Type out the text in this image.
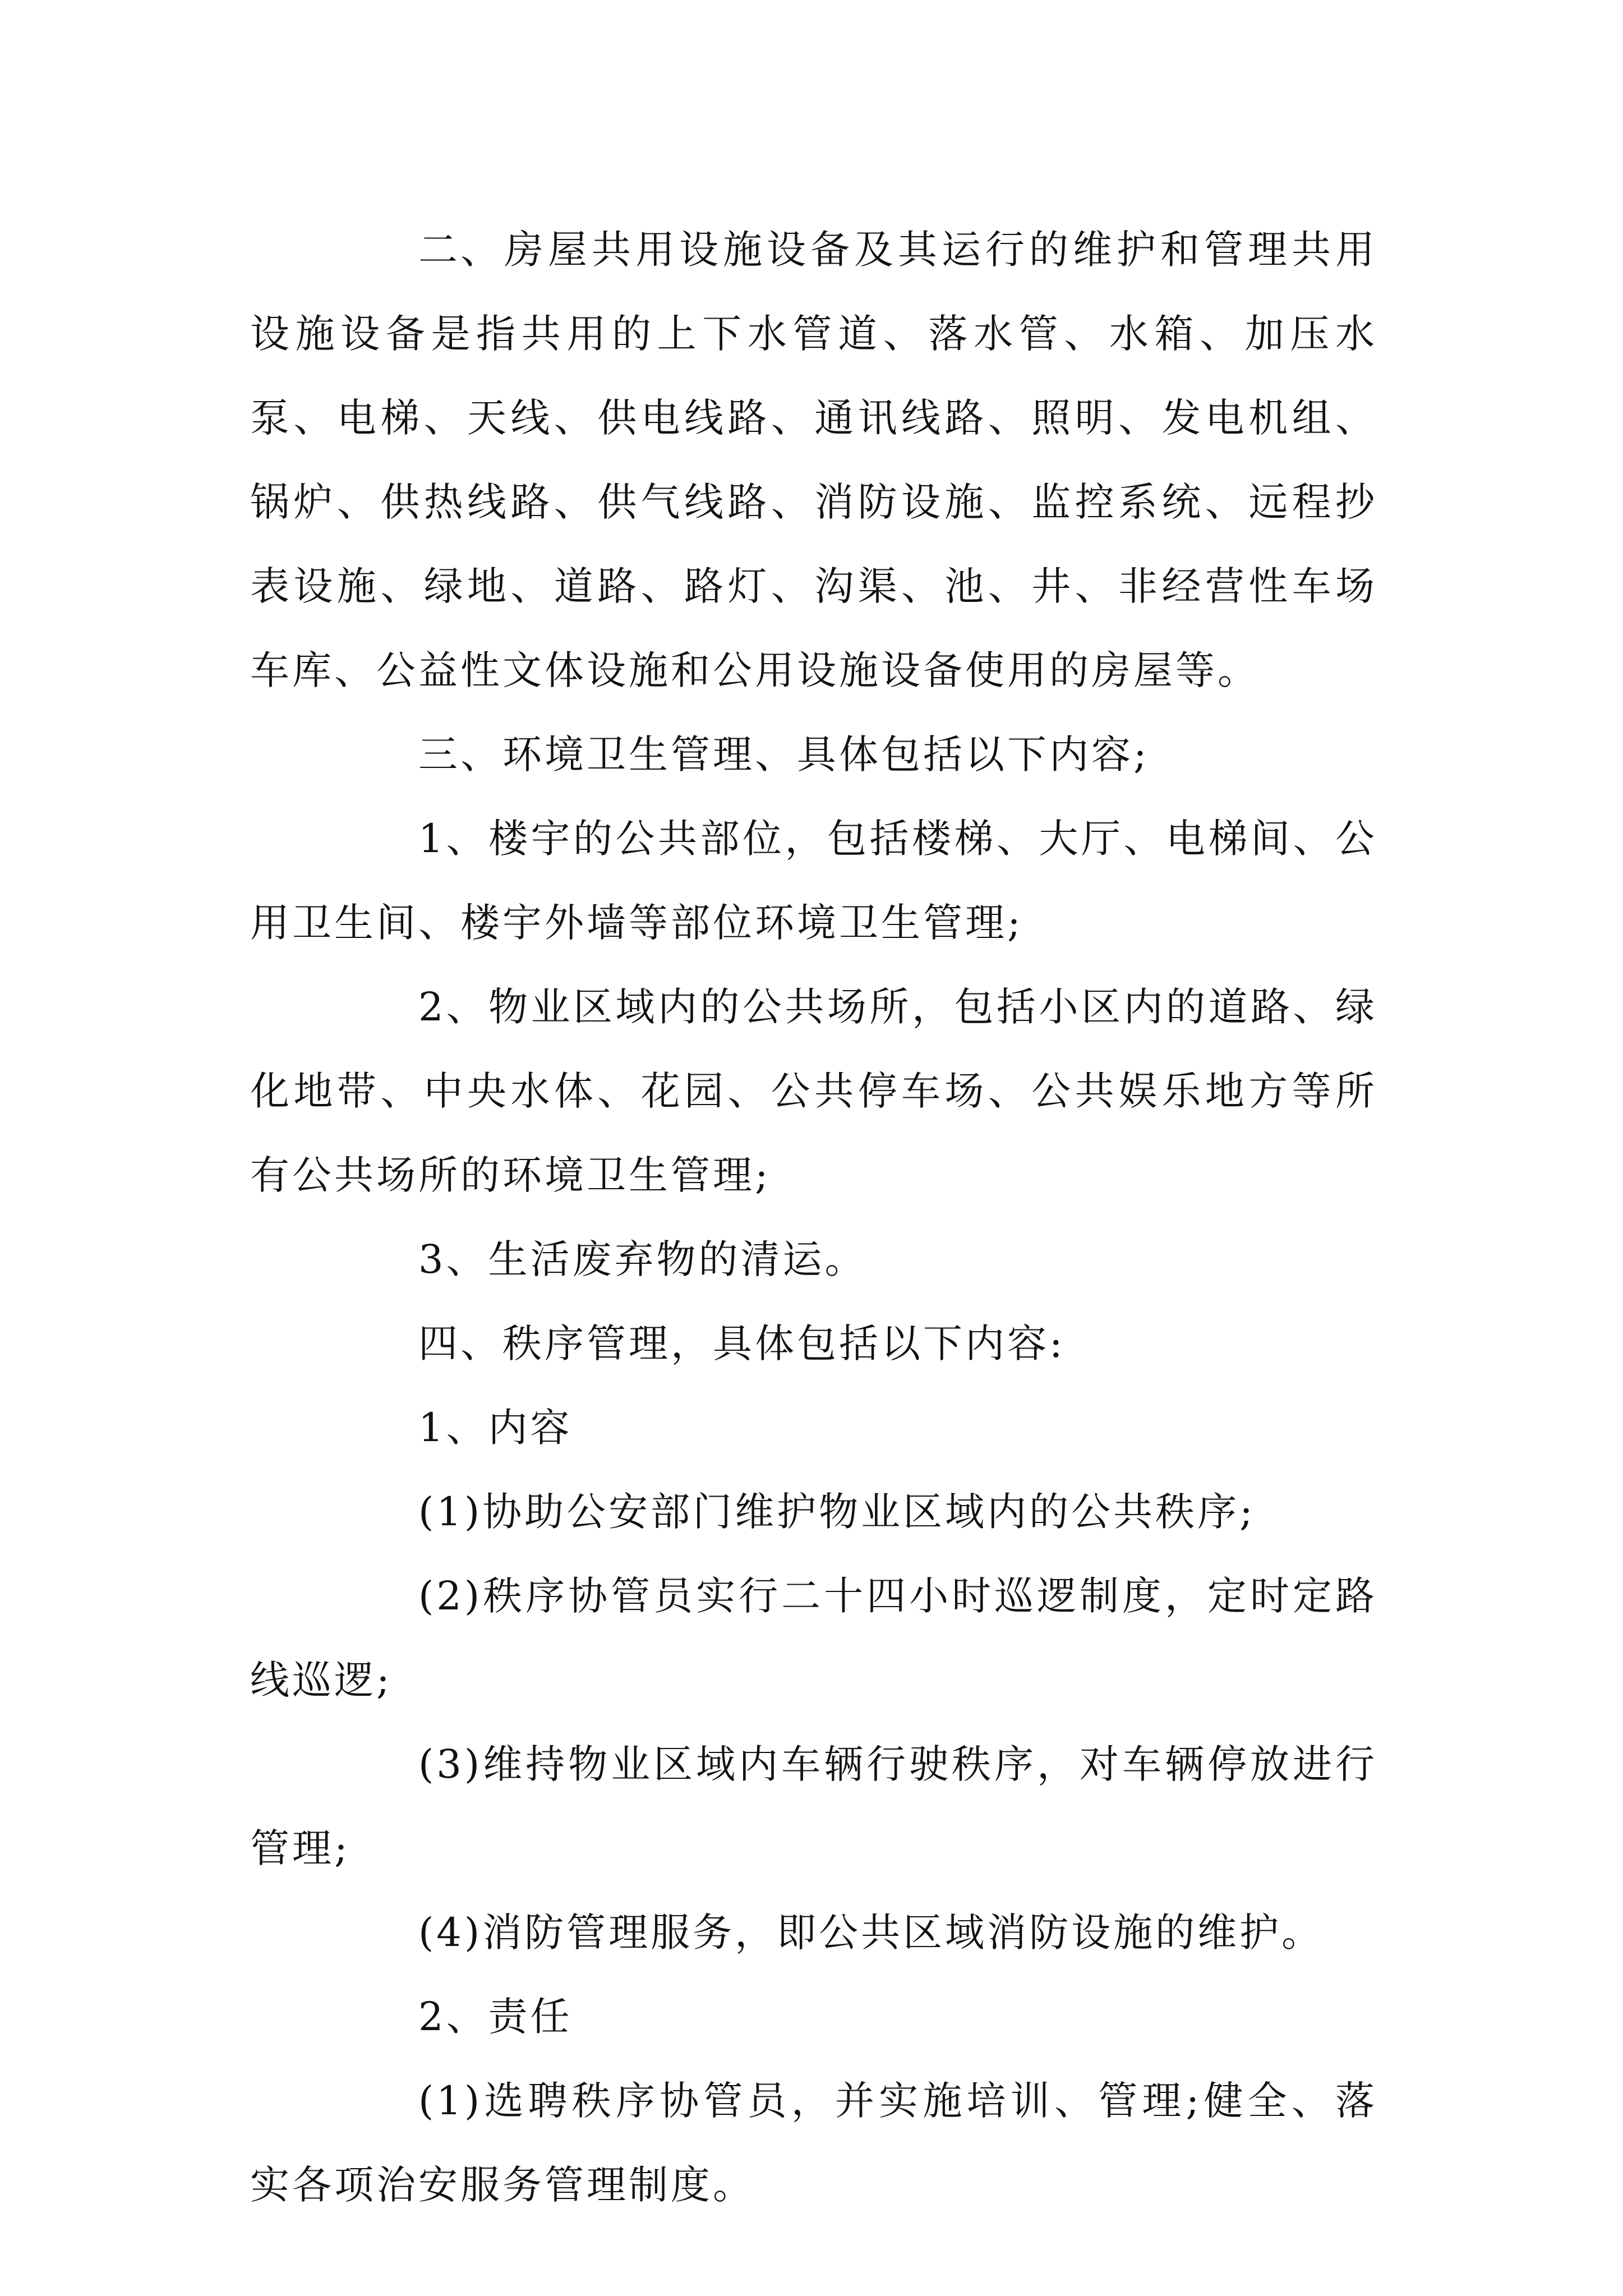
二、房屋共用设施设备及其运行的维护和管理共用设施设备是指共用的上下水管道、落水管、水箱、加压水泵、电梯、天线、供电线路、通讯线路、照明、发电机组、锅炉、供热线路、供气线路、消防设施、监控系统、远程抄表设施、绿地、道路、路灯、沟渠、池、井、非经营性车场车库、公益性文体设施和公用设施设备使用的房屋等。

三、环境卫生管理、具体包括以下内容;

1、楼宇的公共部位，包括楼梯、大厅、电梯间、公用卫生间、楼宇外墙等部位环境卫生管理;

2、物业区域内的公共场所，包括小区内的道路、绿化地带、中央水体、花园、公共停车场、公共娱乐地方等所有公共场所的环境卫生管理;

3、生活废弃物的清运。

四、秩序管理，具体包括以下内容:

1、内容

(1)协助公安部门维护物业区域内的公共秩序;

(2)秩序协管员实行二十四小时巡逻制度，定时定路线巡逻;

(3)维持物业区域内车辆行驶秩序，对车辆停放进行管理;

(4)消防管理服务，即公共区域消防设施的维护。

2、责任

(1)选聘秩序协管员，并实施培训、管理;健全、落实各项治安服务管理制度。
